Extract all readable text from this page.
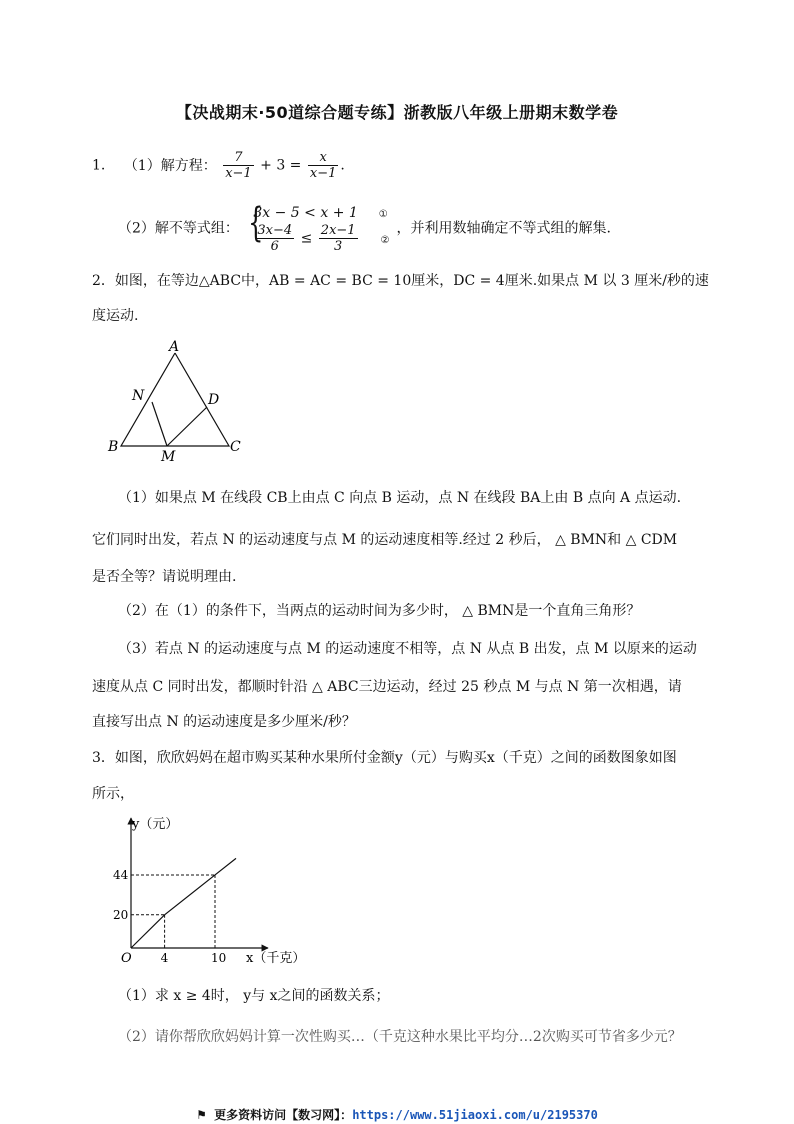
【决战期末·50道综合题专练】浙教版八年级上册期末数学卷
1. （1）解方程： $\frac{7}{x-1} + 3 = \frac{x}{x-1}$ .
（2）解不等式组： {
3x − 5 < x + 1 ①
$\frac{3x-4}{6} \le \frac{2x-1}{3}$ ②
，并利用数轴确定不等式组的解集.
2．如图，在等边△ABC中，AB = AC = BC = 10厘米，DC = 4厘米.如果点 M 以 3 厘米/秒的速
度运动.
A
B	C
D
N
M
（1）如果点 M 在线段 CB上由点 C 向点 B 运动，点 N 在线段 BA上由 B 点向 A 点运动.
它们同时出发，若点 N 的运动速度与点 M 的运动速度相等.经过 2 秒后， △ BMN和 △ CDM
是否全等？请说明理由.
（2）在（1）的条件下，当两点的运动时间为多少时， △ BMN是一个直角三角形？
（3）若点 N 的运动速度与点 M 的运动速度不相等，点 N 从点 B 出发，点 M 以原来的运动
速度从点 C 同时出发，都顺时针沿 △ ABC三边运动，经过 25 秒点 M 与点 N 第一次相遇，请
直接写出点 N 的运动速度是多少厘米/秒？
3．如图，欣欣妈妈在超市购买某种水果所付金额y（元）与购买x（千克）之间的函数图象如图
所示，
y（元）
x（千克）
O 4	10
20
44
（1）求 x ≥ 4时， y与 x之间的函数关系；
（2）请你帮欣欣妈妈计算一次性购买…（千克这种水果比平均分…2次购买可节省多少元？
⚑ 更多资料访问【数习网】：https://www.51jiaoxi.com/u/2195370
